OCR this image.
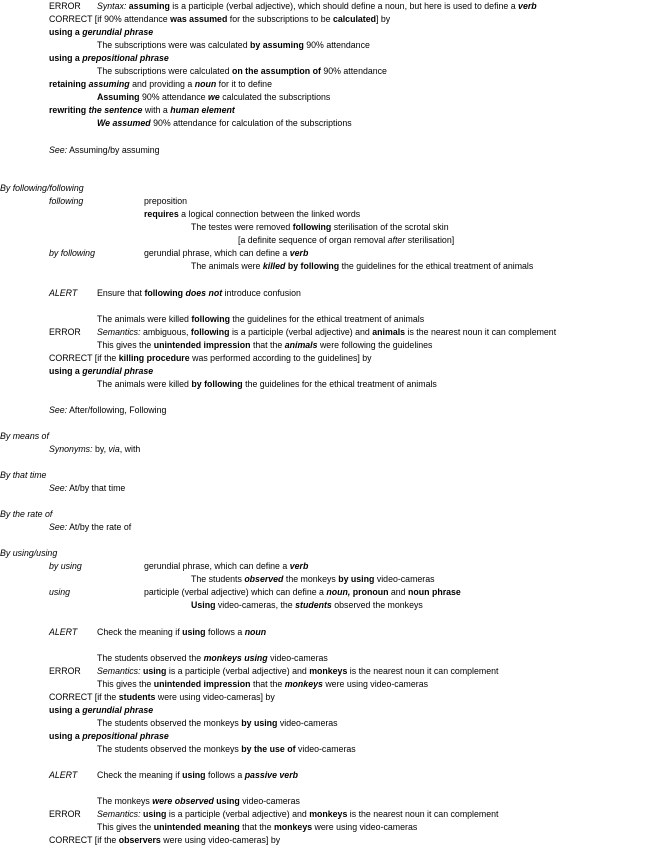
ERROR Syntax: assuming is a participle (verbal adjective), which should define a noun, but here is used to define a verb
CORRECT [if 90% attendance was assumed for the subscriptions to be calculated] by
using a gerundial phrase
The subscriptions were was calculated by assuming 90% attendance
using a prepositional phrase
The subscriptions were calculated on the assumption of 90% attendance
retaining assuming and providing a noun for it to define
Assuming 90% attendance we calculated the subscriptions
rewriting the sentence with a human element
We assumed 90% attendance for calculation of the subscriptions
See: Assuming/by assuming
By following/following
following	preposition
requires a logical connection between the linked words
The testes were removed following sterilisation of the scrotal skin
[a definite sequence of organ removal after sterilisation]
by following	gerundial phrase, which can define a verb
The animals were killed by following the guidelines for the ethical treatment of animals
ALERT Ensure that following does not introduce confusion
The animals were killed following the guidelines for the ethical treatment of animals
ERROR Semantics: ambiguous, following is a participle (verbal adjective) and animals is the nearest noun it can complement
This gives the unintended impression that the animals were following the guidelines
CORRECT [if the killing procedure was performed according to the guidelines] by
using a gerundial phrase
The animals were killed by following the guidelines for the ethical treatment of animals
See: After/following, Following
By means of
Synonyms: by, via, with
By that time
See: At/by that time
By the rate of
See: At/by the rate of
By using/using
by using	gerundial phrase, which can define a verb
The students observed the monkeys by using video-cameras
using	participle (verbal adjective) which can define a noun, pronoun and noun phrase
Using video-cameras, the students observed the monkeys
ALERT Check the meaning if using follows a noun
The students observed the monkeys using video-cameras
ERROR Semantics: using is a participle (verbal adjective) and monkeys is the nearest noun it can complement
This gives the unintended impression that the monkeys were using video-cameras
CORRECT [if the students were using video-cameras] by
using a gerundial phrase
The students observed the monkeys by using video-cameras
using a prepositional phrase
The students observed the monkeys by the use of video-cameras
ALERT Check the meaning if using follows a passive verb
The monkeys were observed using video-cameras
ERROR Semantics: using is a participle (verbal adjective) and monkeys is the nearest noun it can complement
This gives the unintended meaning that the monkeys were using video-cameras
CORRECT [if the observers were using video-cameras] by
